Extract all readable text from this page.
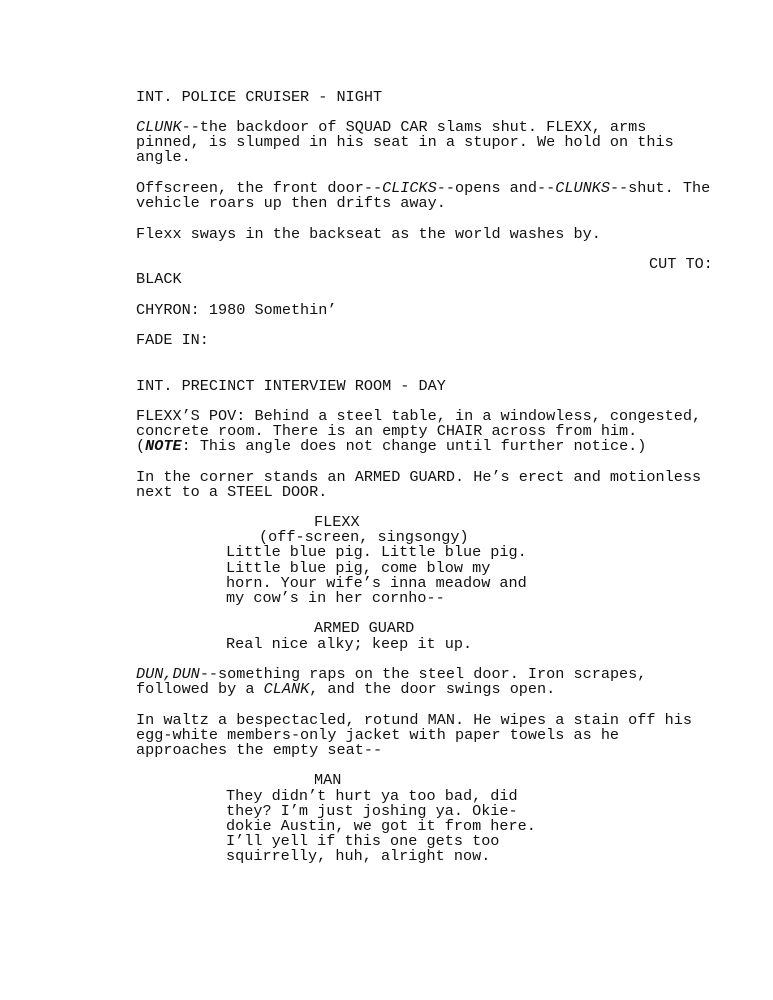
INT. POLICE CRUISER - NIGHT
CLUNK--the backdoor of SQUAD CAR slams shut. FLEXX, arms
pinned, is slumped in his seat in a stupor. We hold on this
angle.
Offscreen, the front door--CLICKS--opens and--CLUNKS--shut. The
vehicle roars up then drifts away.
Flexx sways in the backseat as the world washes by.
CUT TO:
BLACK
CHYRON: 1980 Somethin’
FADE IN:
INT. PRECINCT INTERVIEW ROOM - DAY
FLEXX’S POV: Behind a steel table, in a windowless, congested,
concrete room. There is an empty CHAIR across from him.
(NOTE: This angle does not change until further notice.)
In the corner stands an ARMED GUARD. He’s erect and motionless
next to a STEEL DOOR.
FLEXX
(off-screen, singsongy)
Little blue pig. Little blue pig.
Little blue pig, come blow my
horn. Your wife’s inna meadow and
my cow’s in her cornho--
ARMED GUARD
Real nice alky; keep it up.
DUN,DUN--something raps on the steel door. Iron scrapes,
followed by a CLANK, and the door swings open.
In waltz a bespectacled, rotund MAN. He wipes a stain off his
egg-white members-only jacket with paper towels as he
approaches the empty seat--
MAN
They didn’t hurt ya too bad, did
they? I’m just joshing ya. Okie-
dokie Austin, we got it from here.
I’ll yell if this one gets too
squirrelly, huh, alright now.
